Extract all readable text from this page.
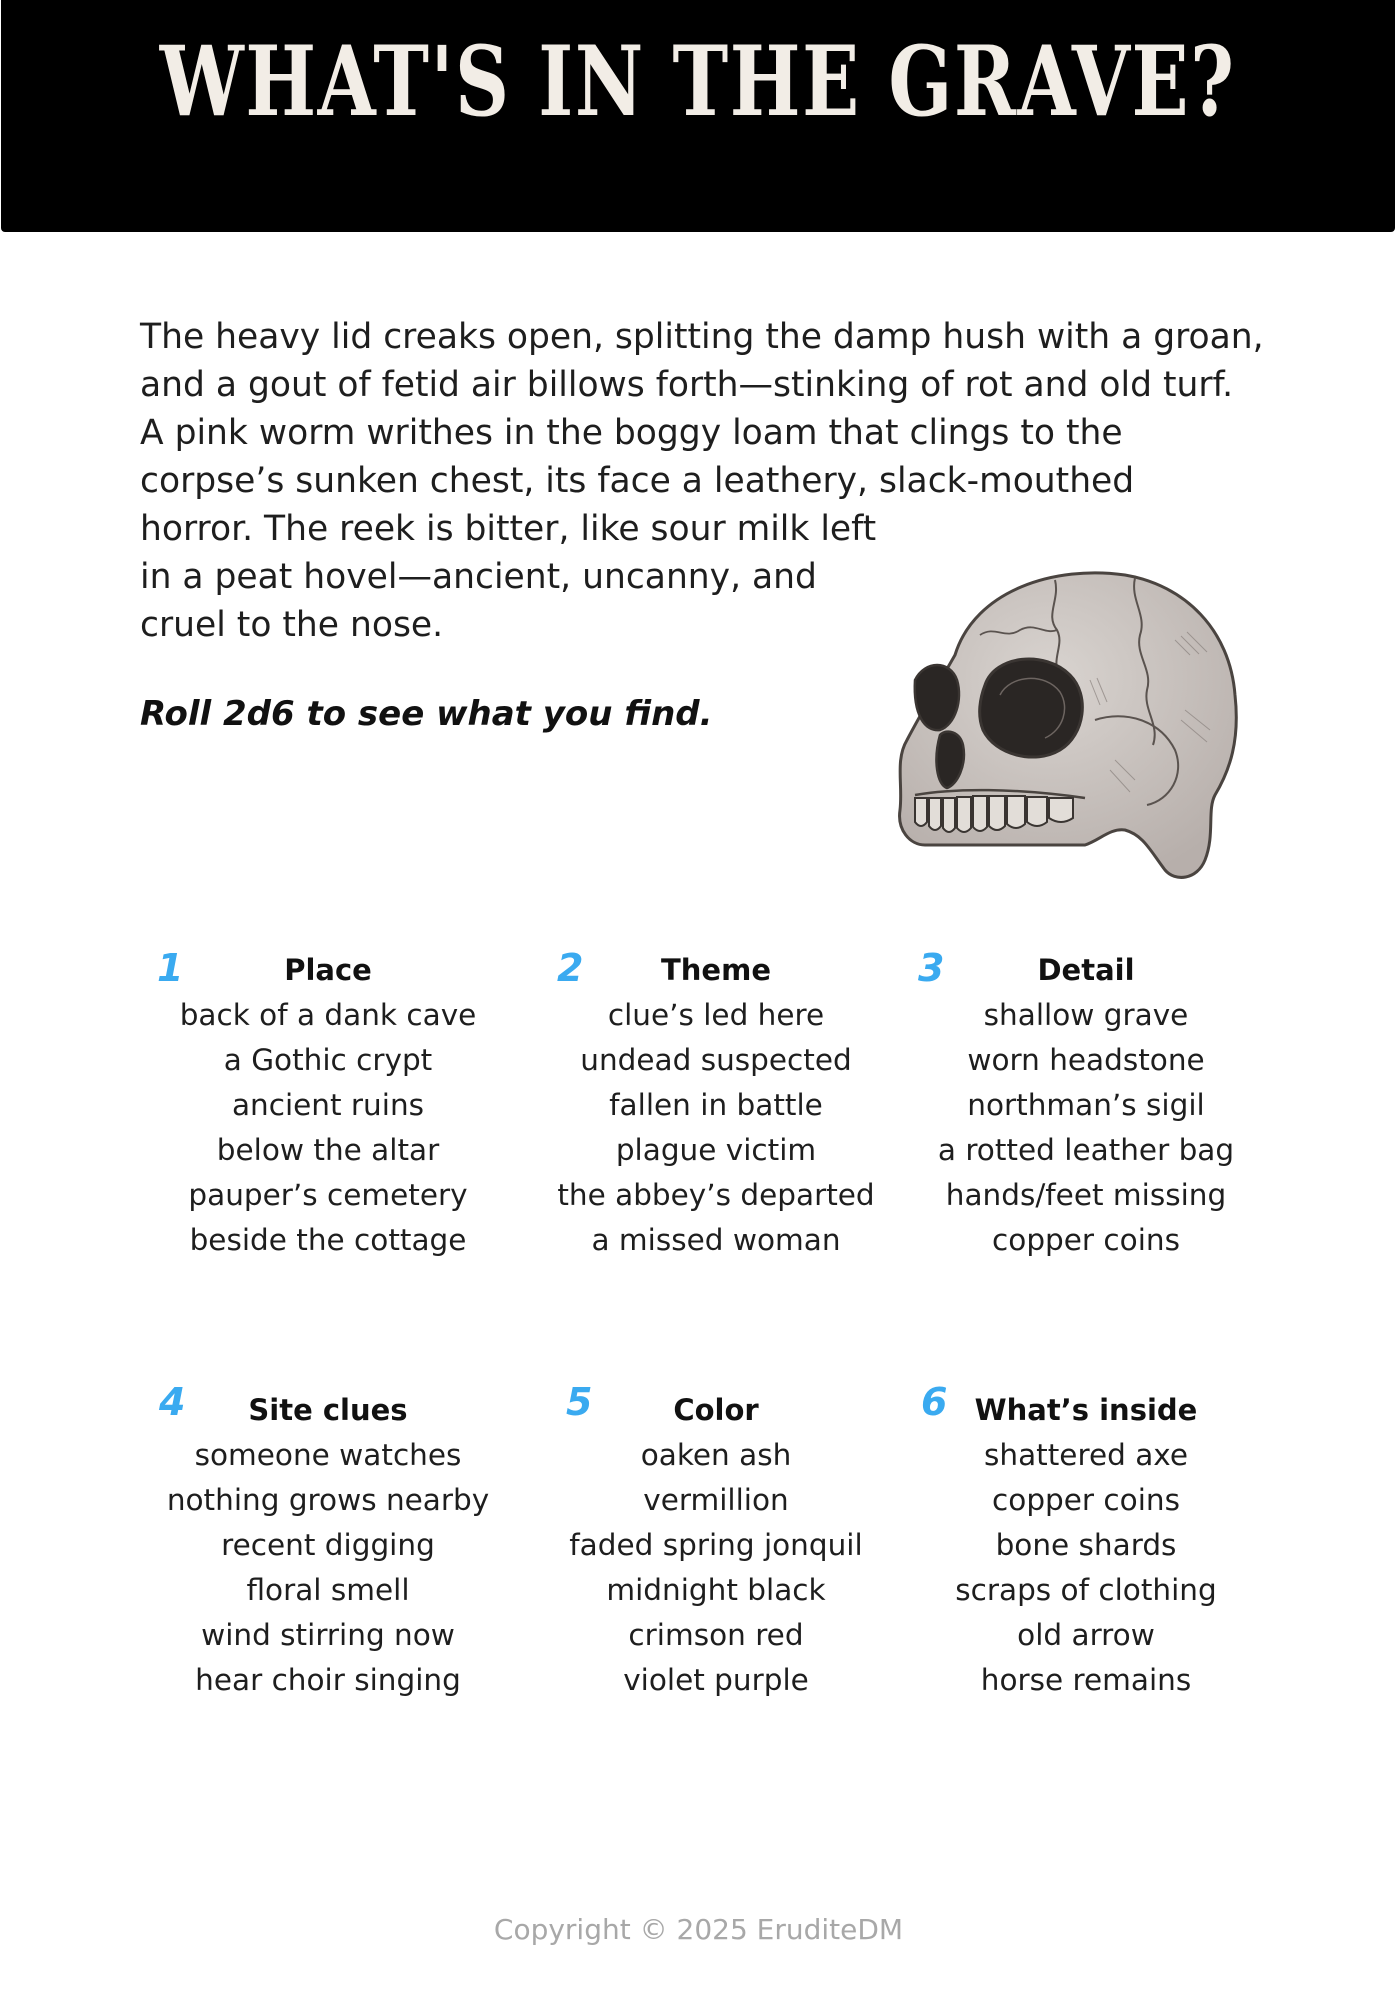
WHAT'S IN THE GRAVE?

The heavy lid creaks open, splitting the damp hush with a groan,
and a gout of fetid air billows forth—stinking of rot and old turf.
A pink worm writhes in the boggy loam that clings to the
corpse’s sunken chest, its face a leathery, slack-mouthed
horror. The reek is bitter, like sour milk left
in a peat hovel—ancient, uncanny, and
cruel to the nose.

Roll 2d6 to see what you find.

1	Place
back of a dank cave
a Gothic crypt
ancient ruins
below the altar
pauper’s cemetery
beside the cottage
2	Theme
clue’s led here
undead suspected
fallen in battle
plague victim
the abbey’s departed
a missed woman
3	Detail
shallow grave
worn headstone
northman’s sigil
a rotted leather bag
hands/feet missing
copper coins
4	Site clues
someone watches
nothing grows nearby
recent digging
floral smell
wind stirring now
hear choir singing
5	Color
oaken ash
vermillion
faded spring jonquil
midnight black
crimson red
violet purple
6 What’s inside
shattered axe
copper coins
bone shards
scraps of clothing
old arrow
horse remains
Copyright © 2025 EruditeDM
